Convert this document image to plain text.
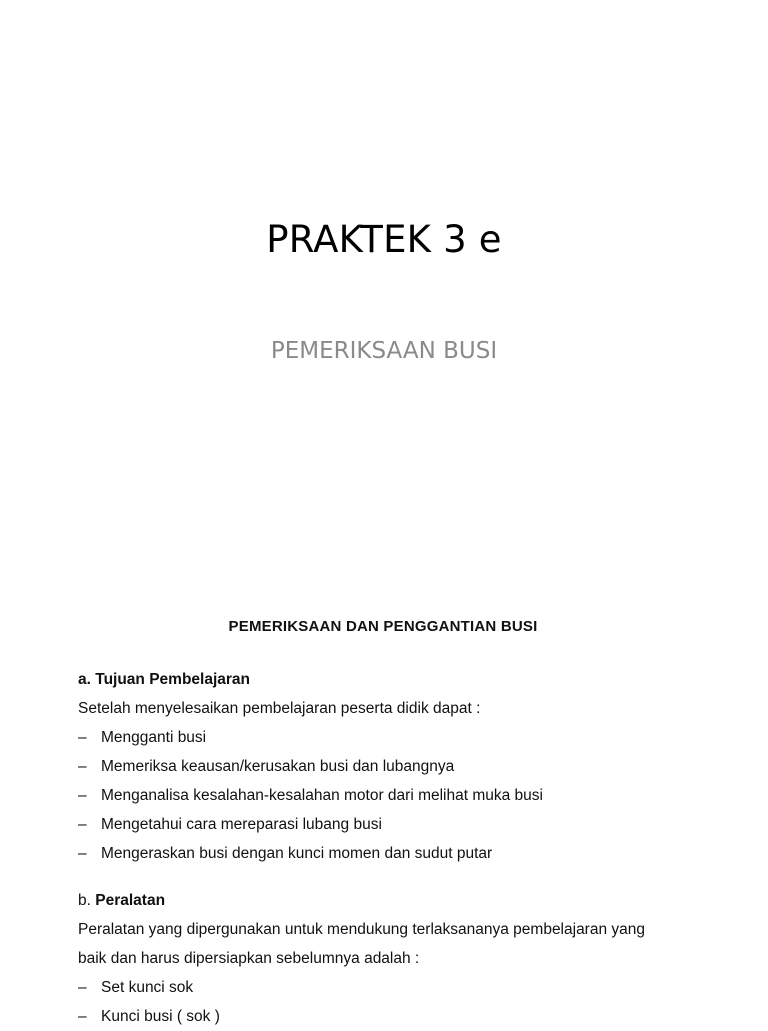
PRAKTEK 3 e
PEMERIKSAAN BUSI
PEMERIKSAAN DAN PENGGANTIAN BUSI
a. Tujuan Pembelajaran
Setelah menyelesaikan pembelajaran peserta didik dapat :
– Mengganti busi
– Memeriksa keausan/kerusakan busi dan lubangnya
– Menganalisa kesalahan-kesalahan motor dari melihat muka busi
– Mengetahui cara mereparasi lubang busi
– Mengeraskan busi dengan kunci momen dan sudut putar
b. Peralatan
Peralatan yang dipergunakan untuk mendukung terlaksananya pembelajaran yang
baik dan harus dipersiapkan sebelumnya adalah :
– Set kunci sok
– Kunci busi ( sok )
